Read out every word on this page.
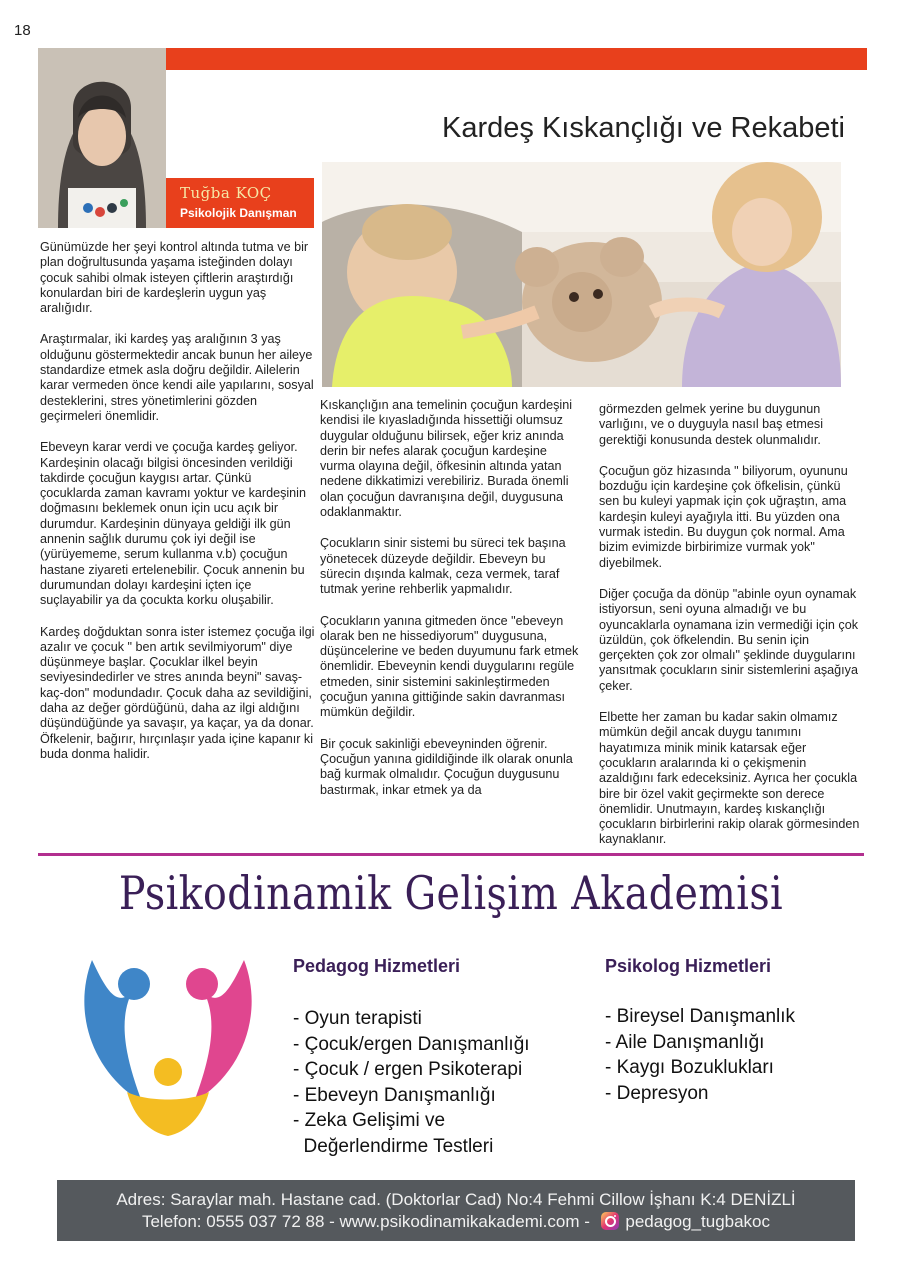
18
Tuğba KOÇ
Psikolojik Danışman
Kardeş Kıskançlığı ve Rekabeti

Günümüzde her şeyi kontrol altında tutma ve bir plan doğrultusunda yaşama isteğinden dolayı çocuk sahibi olmak isteyen çiftlerin araştırdığı konulardan biri de kardeşlerin uygun yaş aralığıdır.

Araştırmalar, iki kardeş yaş aralığının 3 yaş olduğunu göstermektedir ancak bunun her aileye standardize etmek asla doğru değildir. Ailelerin karar vermeden önce kendi aile yapılarını, sosyal desteklerini, stres yönetimlerini gözden geçirmeleri önemlidir.

Ebeveyn karar verdi ve çocuğa kardeş geliyor. Kardeşinin olacağı bilgisi öncesinden verildiği takdirde çocuğun kaygısı artar. Çünkü çocuklarda zaman kavramı yoktur ve kardeşinin doğmasını beklemek onun için ucu açık bir durumdur. Kardeşinin dünyaya geldiği ilk gün annenin sağlık durumu çok iyi değil ise (yürüyememe, serum kullanma v.b) çocuğun hastane ziyareti ertelenebilir. Çocuk annenin bu durumundan dolayı kardeşini içten içe suçlayabilir ya da çocukta korku oluşabilir.

Kardeş doğduktan sonra ister istemez çocuğa ilgi azalır ve çocuk " ben artık sevilmiyorum" diye düşünmeye başlar. Çocuklar ilkel beyin seviyesindedirler ve stres anında beyni" savaş-kaç-don" modundadır. Çocuk daha az sevildiğini, daha az değer gördüğünü, daha az ilgi aldığını düşündüğünde ya savaşır, ya kaçar, ya da donar. Öfkelenir, bağırır, hırçınlaşır yada içine kapanır ki buda donma halidir.

Kıskançlığın ana temelinin çocuğun kardeşini kendisi ile kıyasladığında hissettiği olumsuz duygular olduğunu bilirsek, eğer kriz anında derin bir nefes alarak çocuğun kardeşine vurma olayına değil, öfkesinin altında yatan nedene dikkatimizi verebiliriz. Burada önemli olan çocuğun davranışına değil, duygusuna odaklanmaktır.

Çocukların sinir sistemi bu süreci tek başına yönetecek düzeyde değildir. Ebeveyn bu sürecin dışında kalmak, ceza vermek, taraf tutmak yerine rehberlik yapmalıdır.

Çocukların yanına gitmeden önce "ebeveyn olarak ben ne hissediyorum" duygusuna, düşüncelerine ve beden duyumunu fark etmek önemlidir. Ebeveynin kendi duygularını regüle etmeden, sinir sistemini sakinleştirmeden çocuğun yanına gittiğinde sakin davranması mümkün değildir.

Bir çocuk sakinliği ebeveyninden öğrenir. Çocuğun yanına gidildiğinde ilk olarak onunla bağ kurmak olmalıdır. Çocuğun duygusunu bastırmak, inkar etmek ya da

görmezden gelmek yerine bu duygunun varlığını, ve o duyguyla nasıl baş etmesi gerektiği konusunda destek olunmalıdır.

Çocuğun göz hizasında " biliyorum, oyununu bozduğu için kardeşine çok öfkelisin, çünkü sen bu kuleyi yapmak için çok uğraştın, ama kardeşin kuleyi ayağıyla itti. Bu yüzden ona vurmak istedin. Bu duygun çok normal. Ama bizim evimizde birbirimize vurmak yok" diyebilmek.

Diğer çocuğa da dönüp "abinle oyun oynamak istiyorsun, seni oyuna almadığı ve bu oyuncaklarla oynamana izin vermediği için çok üzüldün, çok öfkelendin. Bu senin için gerçekten çok zor olmalı" şeklinde duygularını yansıtmak çocukların sinir sistemlerini aşağıya çeker.

Elbette her zaman bu kadar sakin olmamız mümkün değil ancak duygu tanımını hayatımıza minik minik katarsak eğer çocukların aralarında ki o çekişmenin azaldığını fark edeceksiniz. Ayrıca her çocukla bire bir özel vakit geçirmekte son derece önemlidir. Unutmayın, kardeş kıskançlığı çocukların birbirlerini rakip olarak görmesinden kaynaklanır.

Psikodinamik Gelişim Akademisi
Pedagog Hizmetleri
- Oyun terapisti
- Çocuk/ergen Danışmanlığı
- Çocuk / ergen Psikoterapi
- Ebeveyn Danışmanlığı
- Zeka Gelişimi ve
Değerlendirme Testleri
Psikolog Hizmetleri
- Bireysel Danışmanlık
- Aile Danışmanlığı
- Kaygı Bozuklukları
- Depresyon
Adres: Saraylar mah. Hastane cad. (Doktorlar Cad) No:4 Fehmi Cillow İşhanı K:4 DENİZLİ
Telefon: 0555 037 72 88 - www.psikodinamikakademi.com - pedagog_tugbakoc
